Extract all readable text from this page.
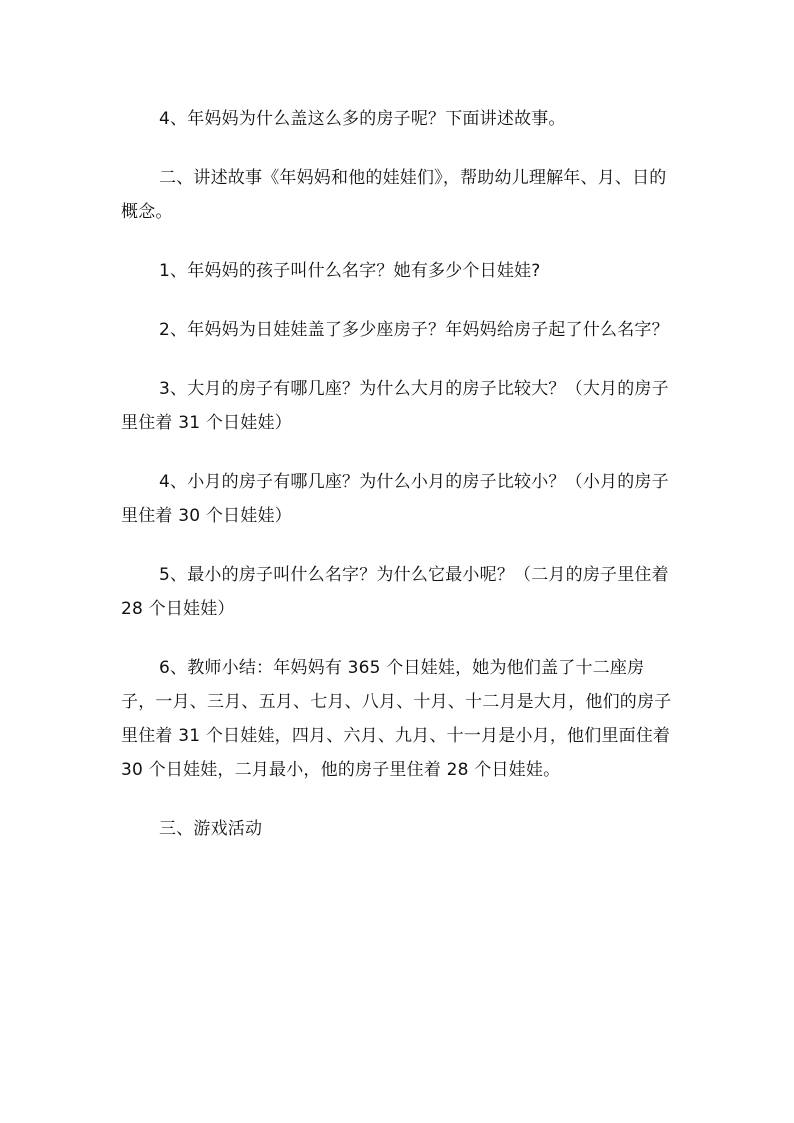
4、年妈妈为什么盖这么多的房子呢？下面讲述故事。

二、讲述故事《年妈妈和他的娃娃们》，帮助幼儿理解年、月、日的概念。

1、年妈妈的孩子叫什么名字？她有多少个日娃娃?

2、年妈妈为日娃娃盖了多少座房子？年妈妈给房子起了什么名字？

3、大月的房子有哪几座？为什么大月的房子比较大？（大月的房子里住着 31 个日娃娃）

4、小月的房子有哪几座？为什么小月的房子比较小？（小月的房子里住着 30 个日娃娃）

5、最小的房子叫什么名字？为什么它最小呢？（二月的房子里住着 28 个日娃娃）

6、教师小结：年妈妈有 365 个日娃娃，她为他们盖了十二座房子，一月、三月、五月、七月、八月、十月、十二月是大月，他们的房子里住着 31 个日娃娃，四月、六月、九月、十一月是小月，他们里面住着 30 个日娃娃，二月最小，他的房子里住着 28 个日娃娃。

三、游戏活动
